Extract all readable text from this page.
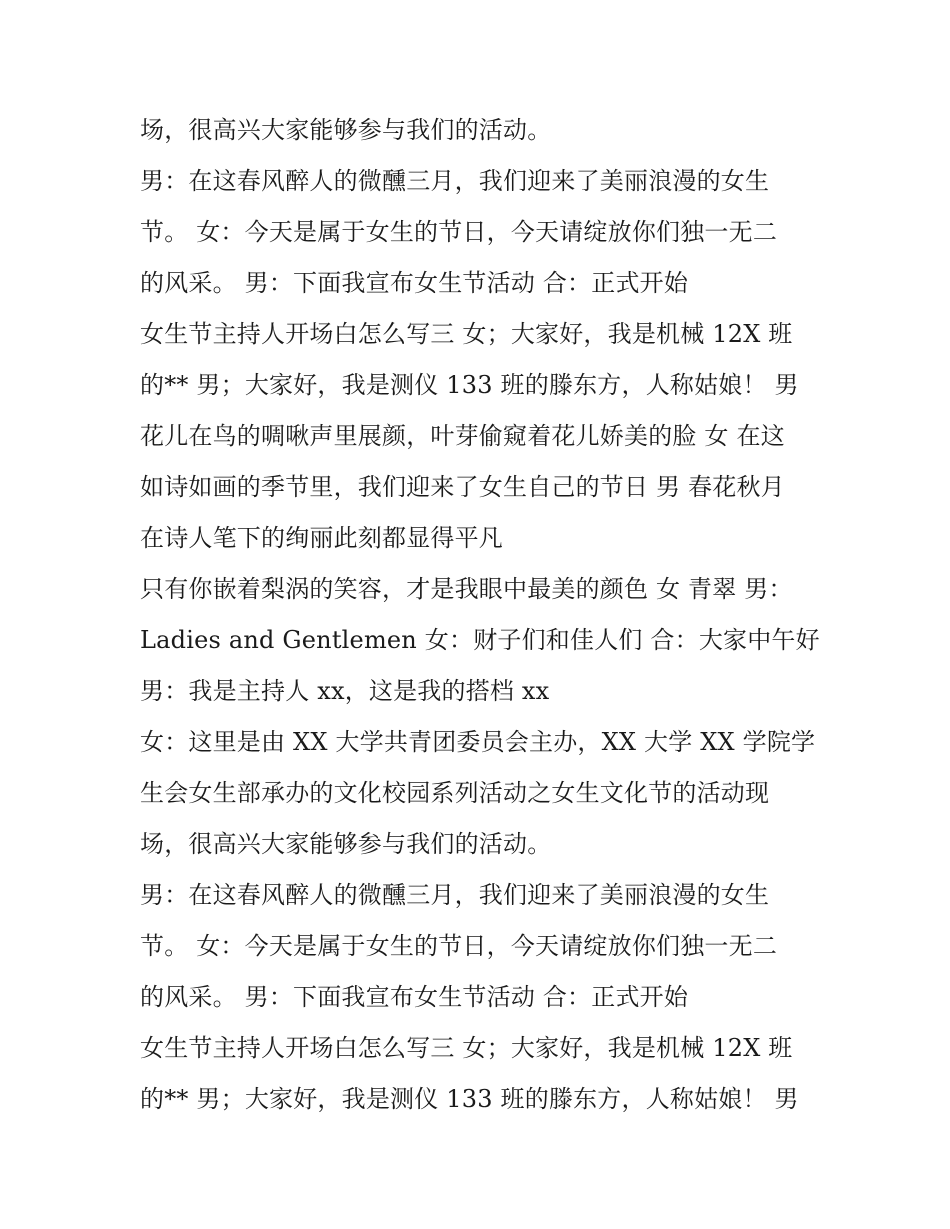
场，很高兴大家能够参与我们的活动。
男：在这春风醉人的微醺三月，我们迎来了美丽浪漫的女生
节。 女：今天是属于女生的节日，今天请绽放你们独一无二
的风采。 男：下面我宣布女生节活动 合：正式开始
女生节主持人开场白怎么写三 女；大家好，我是机械 12X 班
的** 男；大家好，我是测仪 133 班的滕东方，人称姑娘！ 男
花儿在鸟的啁啾声里展颜，叶芽偷窥着花儿娇美的脸 女 在这
如诗如画的季节里，我们迎来了女生自己的节日 男 春花秋月
在诗人笔下的绚丽此刻都显得平凡
只有你嵌着梨涡的笑容，才是我眼中最美的颜色 女 青翠 男：
Ladies and Gentlemen 女：财子们和佳人们 合：大家中午好
男：我是主持人 xx，这是我的搭档 xx
女：这里是由 XX 大学共青团委员会主办，XX 大学 XX 学院学
生会女生部承办的文化校园系列活动之女生文化节的活动现
场，很高兴大家能够参与我们的活动。
男：在这春风醉人的微醺三月，我们迎来了美丽浪漫的女生
节。 女：今天是属于女生的节日，今天请绽放你们独一无二
的风采。 男：下面我宣布女生节活动 合：正式开始
女生节主持人开场白怎么写三 女；大家好，我是机械 12X 班
的** 男；大家好，我是测仪 133 班的滕东方，人称姑娘！ 男
